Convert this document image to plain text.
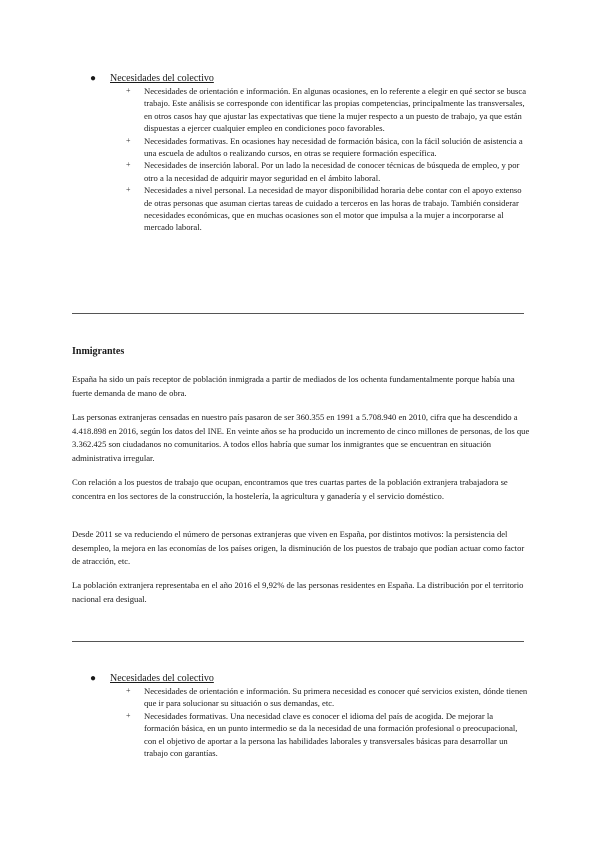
● Necesidades del colectivo
+ Necesidades de orientación e información. En algunas ocasiones, en lo referente a elegir en qué sector se busca trabajo. Este análisis se corresponde con identificar las propias competencias, principalmente las transversales, en otros casos hay que ajustar las expectativas que tiene la mujer respecto a un puesto de trabajo, ya que están dispuestas a ejercer cualquier empleo en condiciones poco favorables.
+ Necesidades formativas. En ocasiones hay necesidad de formación básica, con la fácil solución de asistencia a una escuela de adultos o realizando cursos, en otras se requiere formación específica.
+ Necesidades de inserción laboral. Por un lado la necesidad de conocer técnicas de búsqueda de empleo, y por otro a la necesidad de adquirir mayor seguridad en el ámbito laboral.
+ Necesidades a nivel personal. La necesidad de mayor disponibilidad horaria debe contar con el apoyo extenso de otras personas que asuman ciertas tareas de cuidado a terceros en las horas de trabajo. También considerar necesidades económicas, que en muchas ocasiones son el motor que impulsa a la mujer a incorporarse al mercado laboral.
Inmigrantes

España ha sido un país receptor de población inmigrada a partir de mediados de los ochenta fundamentalmente porque había una fuerte demanda de mano de obra.

Las personas extranjeras censadas en nuestro país pasaron de ser 360.355 en 1991 a 5.708.940 en 2010, cifra que ha descendido a 4.418.898 en 2016, según los datos del INE. En veinte años se ha producido un incremento de cinco millones de personas, de los que 3.362.425 son ciudadanos no comunitarios. A todos ellos habría que sumar los inmigrantes que se encuentran en situación administrativa irregular.

Con relación a los puestos de trabajo que ocupan, encontramos que tres cuartas partes de la población extranjera trabajadora se concentra en los sectores de la construcción, la hostelería, la agricultura y ganadería y el servicio doméstico.

Desde 2011 se va reduciendo el número de personas extranjeras que viven en España, por distintos motivos: la persistencia del desempleo, la mejora en las economías de los países origen, la disminución de los puestos de trabajo que podían actuar como factor de atracción, etc.

La población extranjera representaba en el año 2016 el 9,92% de las personas residentes en España. La distribución por el territorio nacional era desigual.

● Necesidades del colectivo
+ Necesidades de orientación e información. Su primera necesidad es conocer qué servicios existen, dónde tienen que ir para solucionar su situación o sus demandas, etc.
+ Necesidades formativas. Una necesidad clave es conocer el idioma del país de acogida. De mejorar la formación básica, en un punto intermedio se da la necesidad de una formación profesional o preocupacional, con el objetivo de aportar a la persona las habilidades laborales y transversales básicas para desarrollar un trabajo con garantías.
